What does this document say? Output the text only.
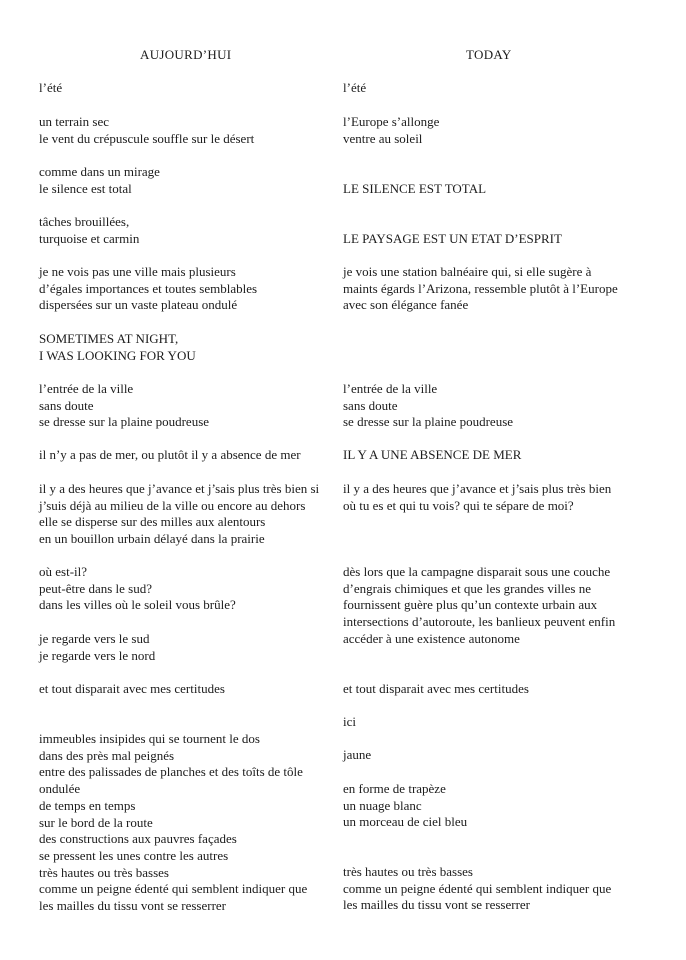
AUJOURD’HUI	TODAY
l’été
un terrain sec
le vent du crépuscule souffle sur le désert
comme dans un mirage
le silence est total
tâches brouillées,
turquoise et carmin
je ne vois pas une ville mais plusieurs
d’égales importances et toutes semblables
dispersées sur un vaste plateau ondulé
SOMETIMES AT NIGHT,
I WAS LOOKING FOR YOU
l’entrée de la ville
sans doute
se dresse sur la plaine poudreuse
il n’y a pas de mer, ou plutôt il y a absence de mer
il y a des heures que j’avance et j’sais plus très bien si
j’suis déjà au milieu de la ville ou encore au dehors
elle se disperse sur des milles aux alentours
en un bouillon urbain délayé dans la prairie
où est-il?
peut-être dans le sud?
dans les villes où le soleil vous brûle?
je regarde vers le sud
je regarde vers le nord
et tout disparait avec mes certitudes
immeubles insipides qui se tournent le dos
dans des près mal peignés
entre des palissades de planches et des toîts de tôle
ondulée
de temps en temps
sur le bord de la route
des constructions aux pauvres façades
se pressent les unes contre les autres
très hautes ou très basses
comme un peigne édenté qui semblent indiquer que
les mailles du tissu vont se resserrer
l’été
l’Europe s’allonge
ventre au soleil
LE SILENCE EST TOTAL
LE PAYSAGE EST UN ETAT D’ESPRIT
je vois une station balnéaire qui, si elle sugère à
maints égards l’Arizona, ressemble plutôt à l’Europe
avec son élégance fanée
l’entrée de la ville
sans doute
se dresse sur la plaine poudreuse
IL Y A UNE ABSENCE DE MER
il y a des heures que j’avance et j’sais plus très bien
où tu es et qui tu vois? qui te sépare de moi?
dès lors que la campagne disparait sous une couche
d’engrais chimiques et que les grandes villes ne
fournissent guère plus qu’un contexte urbain aux
intersections d’autoroute, les banlieux peuvent enfin
accéder à une existence autonome
et tout disparait avec mes certitudes
ici
jaune
en forme de trapèze
un nuage blanc
un morceau de ciel bleu
très hautes ou très basses
comme un peigne édenté qui semblent indiquer que
les mailles du tissu vont se resserrer
